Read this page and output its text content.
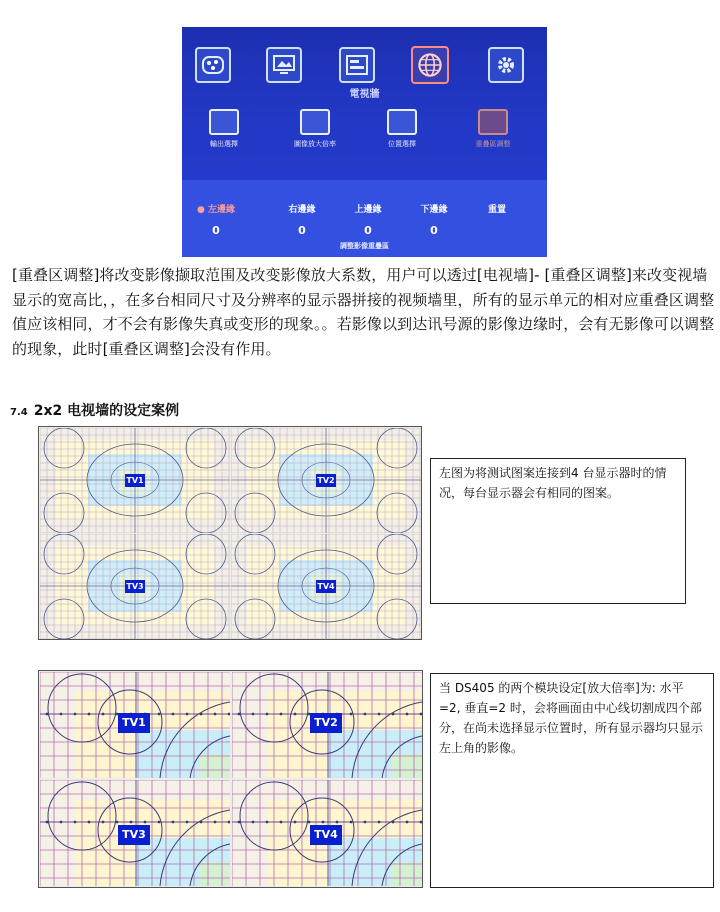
電視牆
輸出選擇	圖像放大倍率	位置選擇	重疊區調整
● 左邊緣
0
右邊緣
0
上邊緣
0
下邊緣
0
重置
調整影像重疊區
[重叠区调整]将改变影像撷取范围及改变影像放大系数，用户可以透过[电视墙]- [重叠区调整]来改变视墙显示的宽高比，，在多台相同尺寸及分辨率的显示器拼接的视频墙里，所有的显示单元的相对应重叠区调整值应该相同，才不会有影像失真或变形的现象。。若影像以到达讯号源的影像边缘时，会有无影像可以调整的现象，此时[重叠区调整]会没有作用。
7.4 2x2 电视墙的设定案例
TV1	TV2
TV3	TV4
左图为将测试图案连接到4 台显示器时的情况，每台显示器会有相同的图案。
TV1	TV2
TV3	TV4
当 DS405 的两个模块设定[放大倍率]为: 水平=2, 垂直=2 时，会将画面由中心线切割成四个部分，在尚未选择显示位置时，所有显示器均只显示左上角的影像。
